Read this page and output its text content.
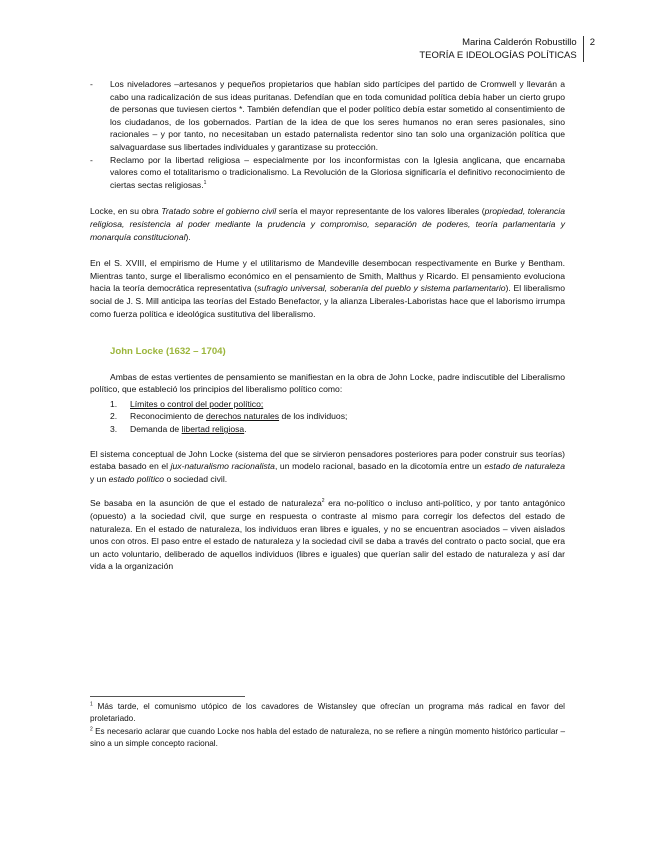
Marina Calderón Robustillo
TEORÍA E IDEOLOGÍAS POLÍTICAS
2
- Los niveladores –artesanos y pequeños propietarios que habían sido partícipes del partido de Cromwell y llevarán a cabo una radicalización de sus ideas puritanas. Defendían que en toda comunidad política debía haber un cierto grupo de personas que tuviesen ciertos *. También defendían que el poder político debía estar sometido al consentimiento de los ciudadanos, de los gobernados. Partían de la idea de que los seres humanos no eran seres pasionales, sino racionales – y por tanto, no necesitaban un estado paternalista redentor sino tan solo una organización política que salvaguardase sus libertades individuales y garantizase su protección.
- Reclamo por la libertad religiosa – especialmente por los inconformistas con la Iglesia anglicana, que encarnaba valores como el totalitarismo o tradicionalismo. La Revolución de la Gloriosa significaría el definitivo reconocimiento de ciertas sectas religiosas.$^1$

Locke, en su obra Tratado sobre el gobierno civil sería el mayor representante de los valores liberales (propiedad, tolerancia religiosa, resistencia al poder mediante la prudencia y compromiso, separación de poderes, teoría parlamentaria y monarquía constitucional).

En el S. XVIII, el empirismo de Hume y el utilitarismo de Mandeville desembocan respectivamente en Burke y Bentham. Mientras tanto, surge el liberalismo económico en el pensamiento de Smith, Malthus y Ricardo. El pensamiento evoluciona hacia la teoría democrática representativa (sufragio universal, soberanía del pueblo y sistema parlamentario). El liberalismo social de J. S. Mill anticipa las teorías del Estado Benefactor, y la alianza Liberales-Laboristas hace que el laborismo irrumpa como fuerza política e ideológica sustitutiva del liberalismo.

John Locke (1632 – 1704)

Ambas de estas vertientes de pensamiento se manifiestan en la obra de John Locke, padre indiscutible del Liberalismo político, que estableció los principios del liberalismo político como:

1. Límites o control del poder político;
2. Reconocimiento de derechos naturales de los individuos;
3. Demanda de libertad religiosa.

El sistema conceptual de John Locke (sistema del que se sirvieron pensadores posteriores para poder construir sus teorías) estaba basado en el jux-naturalismo racionalista, un modelo racional, basado en la dicotomía entre un estado de naturaleza y un estado político o sociedad civil.

Se basaba en la asunción de que el estado de naturaleza$^2$ era no-político o incluso anti-político, y por tanto antagónico (opuesto) a la sociedad civil, que surge en respuesta o contraste al mismo para corregir los defectos del estado de naturaleza. En el estado de naturaleza, los individuos eran libres e iguales, y no se encuentran asociados – viven aislados unos con otros. El paso entre el estado de naturaleza y la sociedad civil se daba a través del contrato o pacto social, que era un acto voluntario, deliberado de aquellos individuos (libres e iguales) que querían salir del estado de naturaleza y así dar vida a la organización

$^1$ Más tarde, el comunismo utópico de los cavadores de Wistansley que ofrecían un programa más radical en favor del proletariado.
$^2$ Es necesario aclarar que cuando Locke nos habla del estado de naturaleza, no se refiere a ningún momento histórico particular – sino a un simple concepto racional.
